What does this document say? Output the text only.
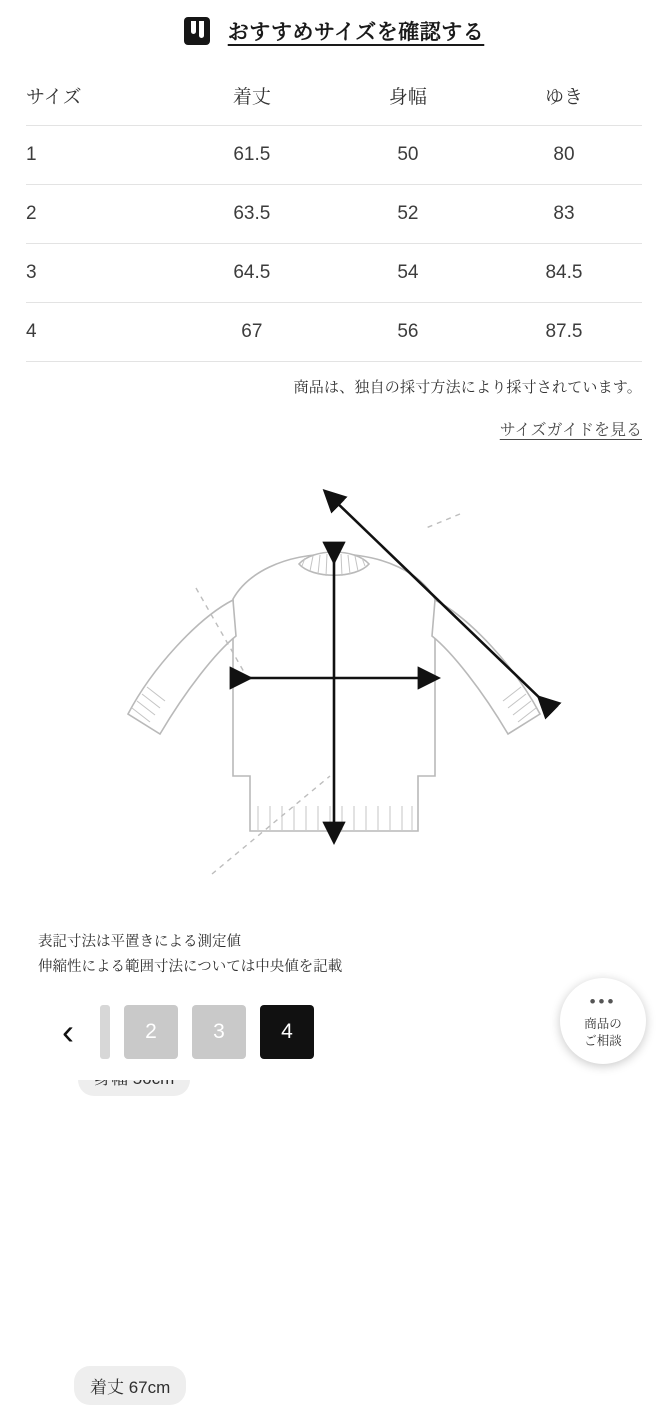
おすすめサイズを確認する
サイズ	着丈	身幅	ゆき
1	61.5	50	80
2	63.5	52	83
3	64.5	54	84.5
4	67	56	87.5
商品は、独自の採寸方法により採寸されています。
サイズガイドを見る
着丈 67cm
表記寸法は平置きによる測定値
伸縮性による範囲寸法については中央値を記載
‹	2	3	4
•••
商品の
ご相談
